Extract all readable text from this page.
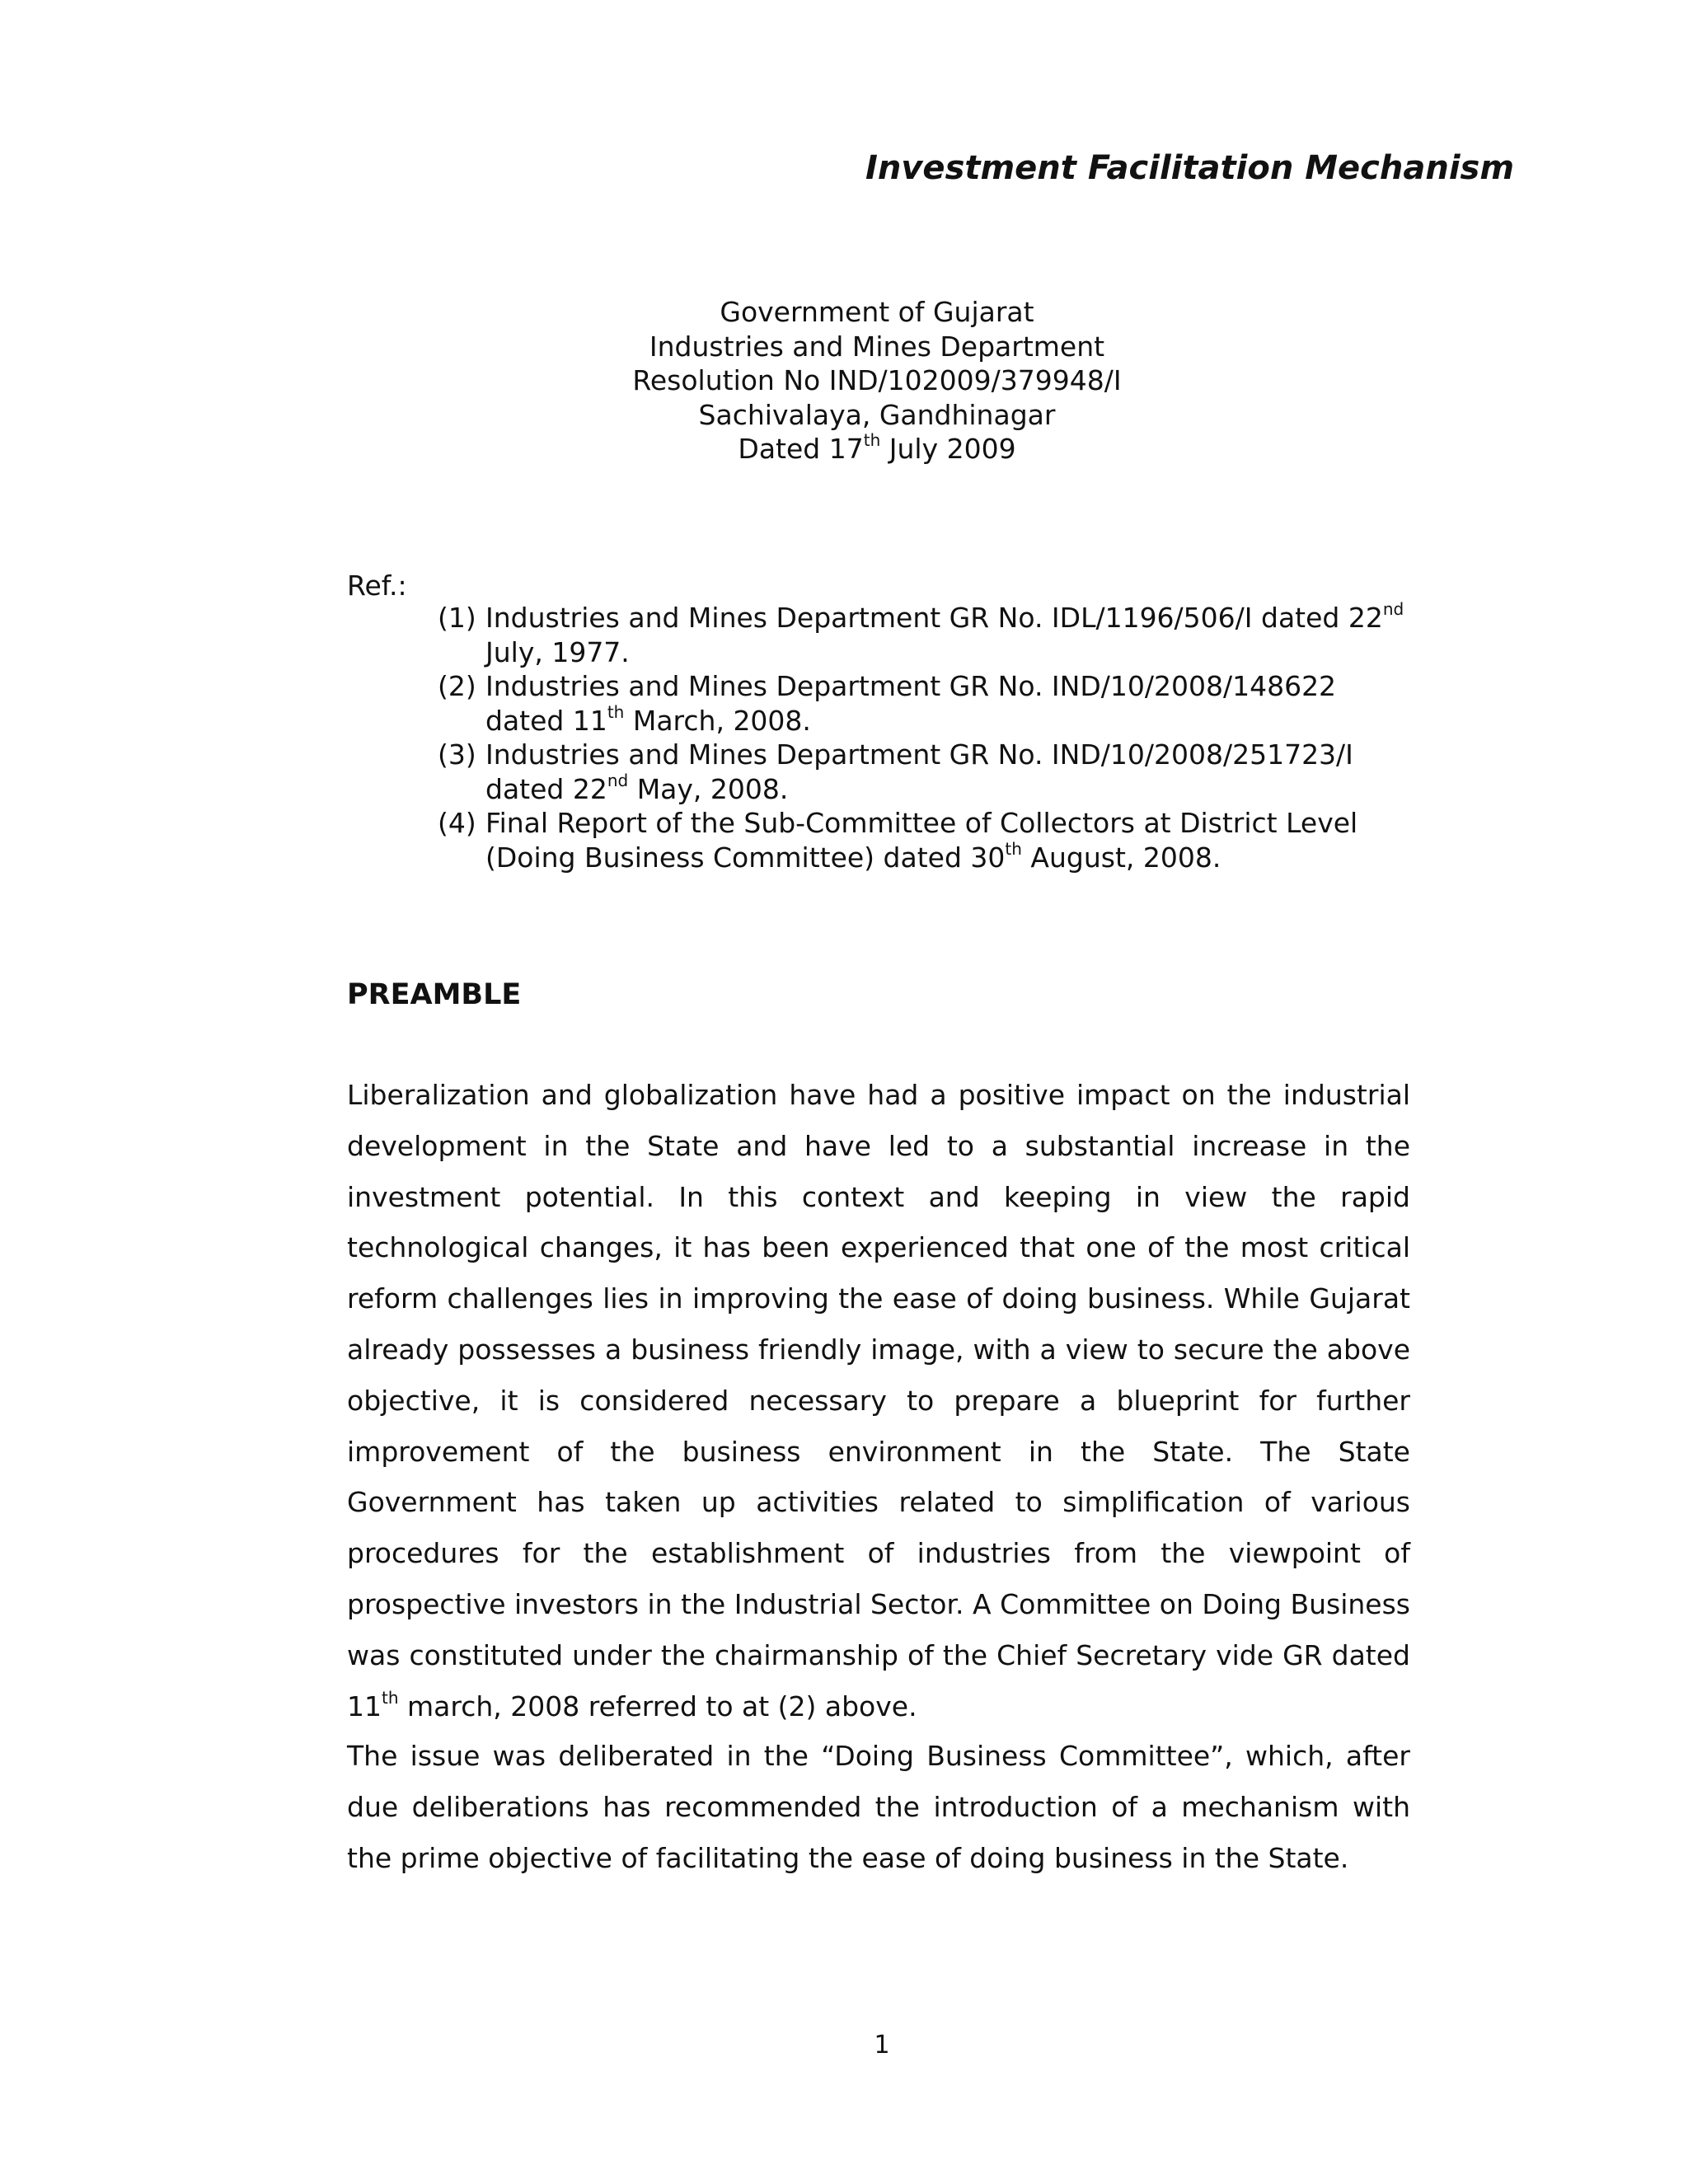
Investment Facilitation Mechanism
Government of Gujarat
Industries and Mines Department
Resolution No IND/102009/379948/I
Sachivalaya, Gandhinagar
Dated 17th July 2009
Ref.:
(1) Industries and Mines Department GR No. IDL/1196/506/I dated 22nd July, 1977.
(2) Industries and Mines Department GR No. IND/10/2008/148622 dated 11th March, 2008.
(3) Industries and Mines Department GR No. IND/10/2008/251723/I dated 22nd May, 2008.
(4) Final Report of the Sub-Committee of Collectors at District Level (Doing Business Committee) dated 30th August, 2008.
PREAMBLE

Liberalization and globalization have had a positive impact on the industrial development in the State and have led to a substantial increase in the investment potential. In this context and keeping in view the rapid technological changes, it has been experienced that one of the most critical reform challenges lies in improving the ease of doing business. While Gujarat already possesses a business friendly image, with a view to secure the above objective, it is considered necessary to prepare a blueprint for further improvement of the business environment in the State. The State Government has taken up activities related to simplification of various procedures for the establishment of industries from the viewpoint of prospective investors in the Industrial Sector. A Committee on Doing Business was constituted under the chairmanship of the Chief Secretary vide GR dated 11th march, 2008 referred to at (2) above.

The issue was deliberated in the “Doing Business Committee”, which, after due deliberations has recommended the introduction of a mechanism with the prime objective of facilitating the ease of doing business in the State.

1
